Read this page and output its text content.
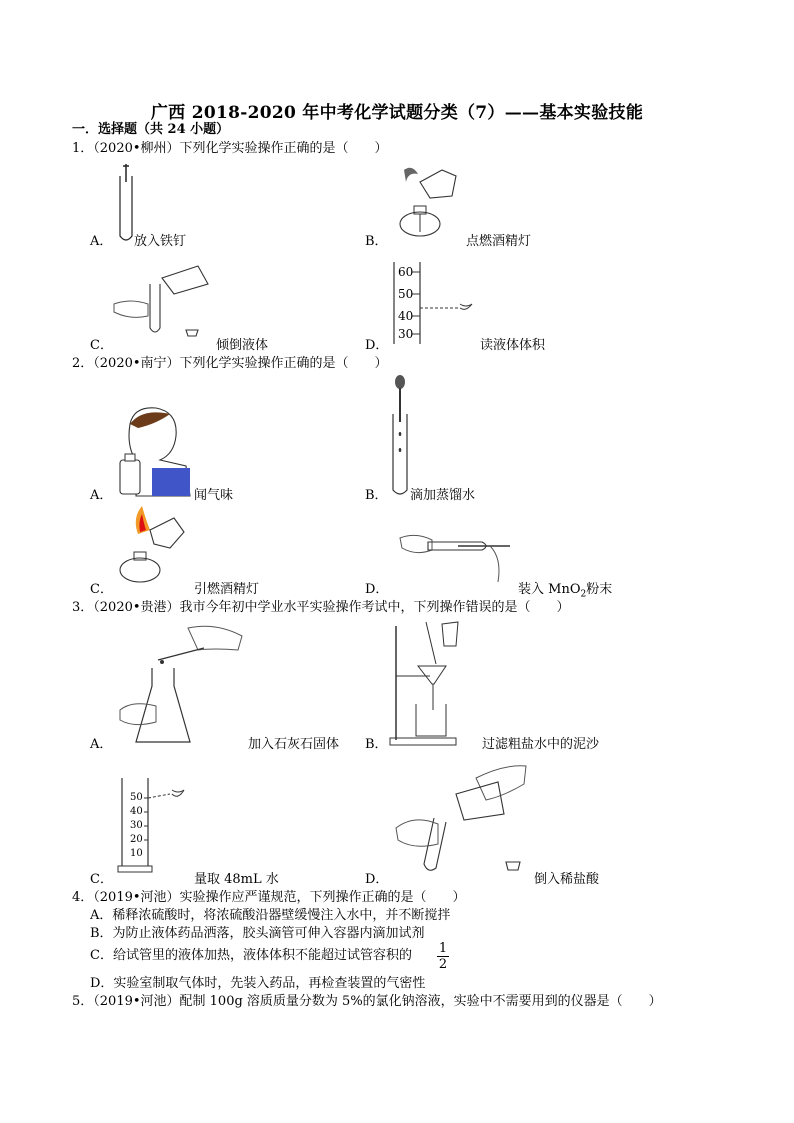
广西 2018-2020 年中考化学试题分类（7）——基本实验技能
一．选择题（共 24 小题）
1．（2020•柳州）下列化学实验操作正确的是（　　）
A． 放入铁钉	B．	点燃酒精灯
C．	倾倒液体
60
50
40
30
D．	读液体体积
2．（2020•南宁）下列化学实验操作正确的是（　　）
A．	闻气味	B． 滴加蒸馏水
C．	引燃酒精灯	D．	装入 MnO$_2$粉末
3．（2020•贵港）我市今年初中学业水平实验操作考试中，下列操作错误的是（　　）
A．	加入石灰石固体 B．	过滤粗盐水中的泥沙
50
40
30
20
10
C．	量取 48mL 水	D．	倒入稀盐酸
4．（2019•河池）实验操作应严谨规范，下列操作正确的是（　　）
A．稀释浓硫酸时，将浓硫酸沿器壁缓慢注入水中，并不断搅拌
B．为防止液体药品洒落，胶头滴管可伸入容器内滴加试剂
C．给试管里的液体加热，液体体积不能超过试管容积的 1
2
D．实验室制取气体时，先装入药品，再检查装置的气密性
5．（2019•河池）配制 100g 溶质质量分数为 5%的氯化钠溶液，实验中不需要用到的仪器是（　　）
